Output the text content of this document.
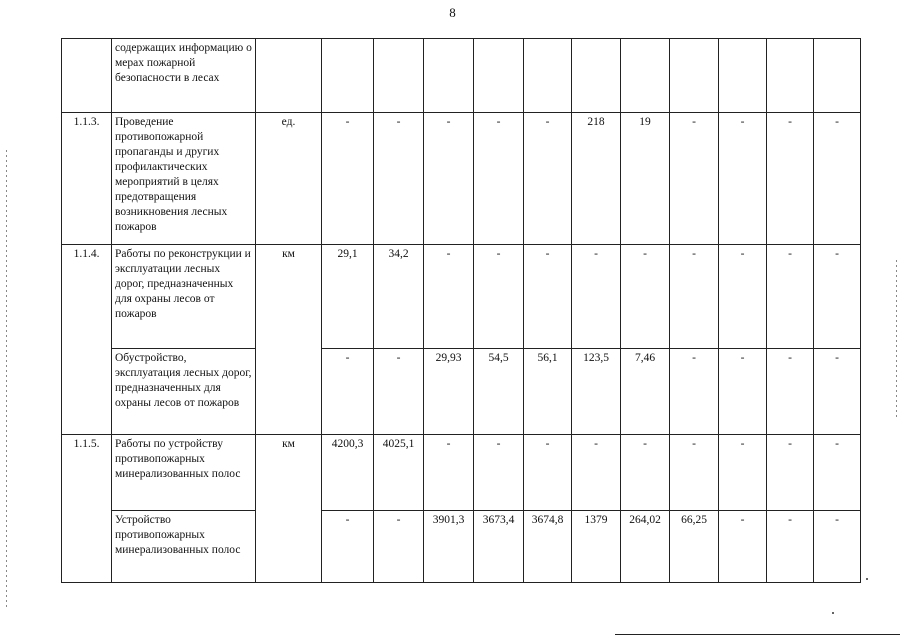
8
	содержащих информацию о мерах пожарной безопасности в лесах												
1.1.3.	Проведение противопожарной пропаганды и других профилактических мероприятий в целях предотвращения возникновения лесных пожаров	ед.	-	-	-	-	-	218	19	-	-	-	-
1.1.4.	Работы по реконструкции и эксплуатации лесных дорог, предназначенных для охраны лесов от пожаров	км	29,1	34,2	-	-	-	-	-	-	-	-	-
	Обустройство, эксплуатация лесных дорог, предназначенных для охраны лесов от пожаров		-	-	29,93	54,5	56,1	123,5	7,46	-	-	-	-
1.1.5.	Работы по устройству противопожарных минерализованных полос	км	4200,3	4025,1	-	-	-	-	-	-	-	-	-
	Устройство противопожарных минерализованных полос		-	-	3901,3	3673,4	3674,8	1379	264,02	66,25	-	-	-
